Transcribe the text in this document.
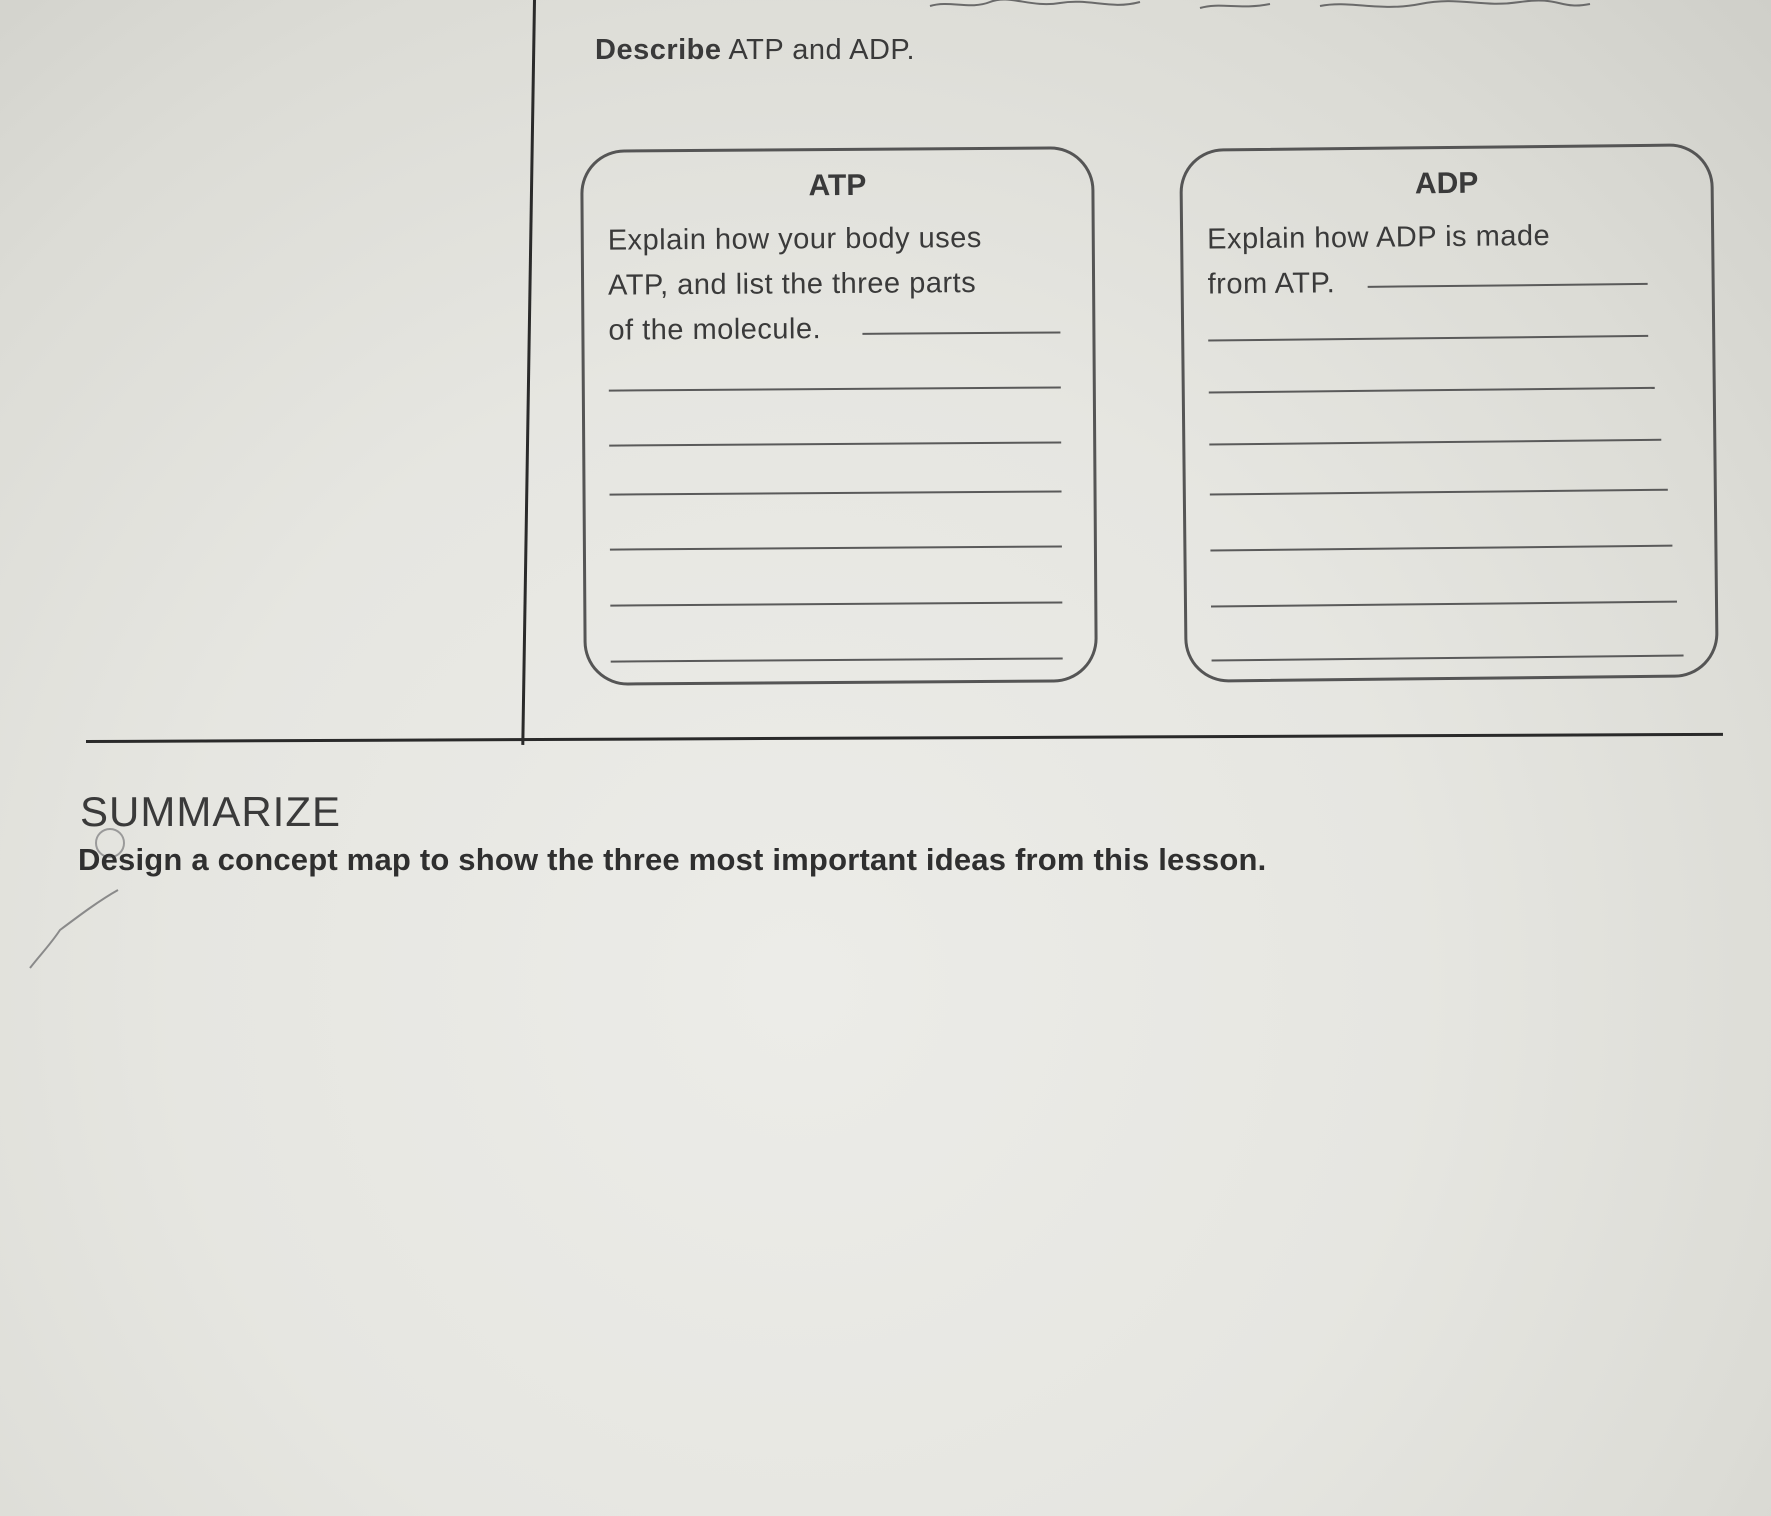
Describe ATP and ADP.
ATP
Explain how your body uses
ATP, and list the three parts
of the molecule.
ADP
Explain how ADP is made
from ATP.
SUMMARIZE
Design a concept map to show the three most important ideas from this lesson.
